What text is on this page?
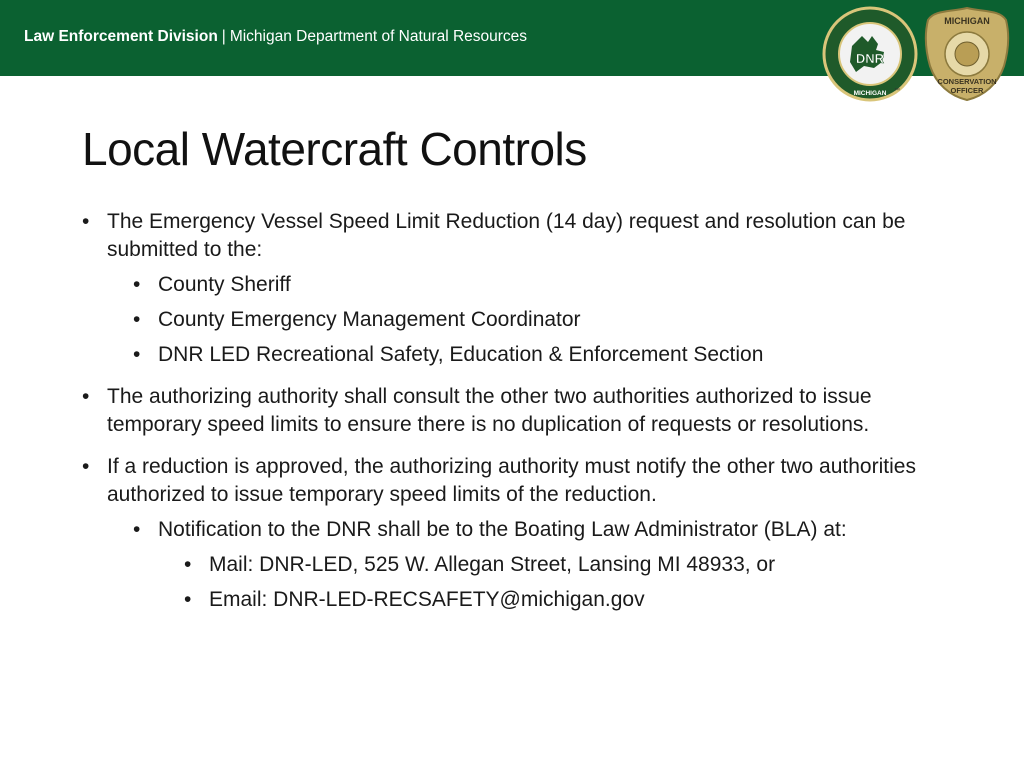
Law Enforcement Division | Michigan Department of Natural Resources
DNR
MICHIGAN ™
MICHIGAN
CONSERVATION
OFFICER
Local Watercraft Controls
• The Emergency Vessel Speed Limit Reduction (14 day) request and resolution can be submitted to the:
• County Sheriff
• County Emergency Management Coordinator
• DNR LED Recreational Safety, Education & Enforcement Section
• The authorizing authority shall consult the other two authorities authorized to issue temporary speed limits to ensure there is no duplication of requests or resolutions.
• If a reduction is approved, the authorizing authority must notify the other two authorities authorized to issue temporary speed limits of the reduction.
• Notification to the DNR shall be to the Boating Law Administrator (BLA) at:
• Mail: DNR-LED, 525 W. Allegan Street, Lansing MI 48933, or
• Email: DNR-LED-RECSAFETY@michigan.gov
